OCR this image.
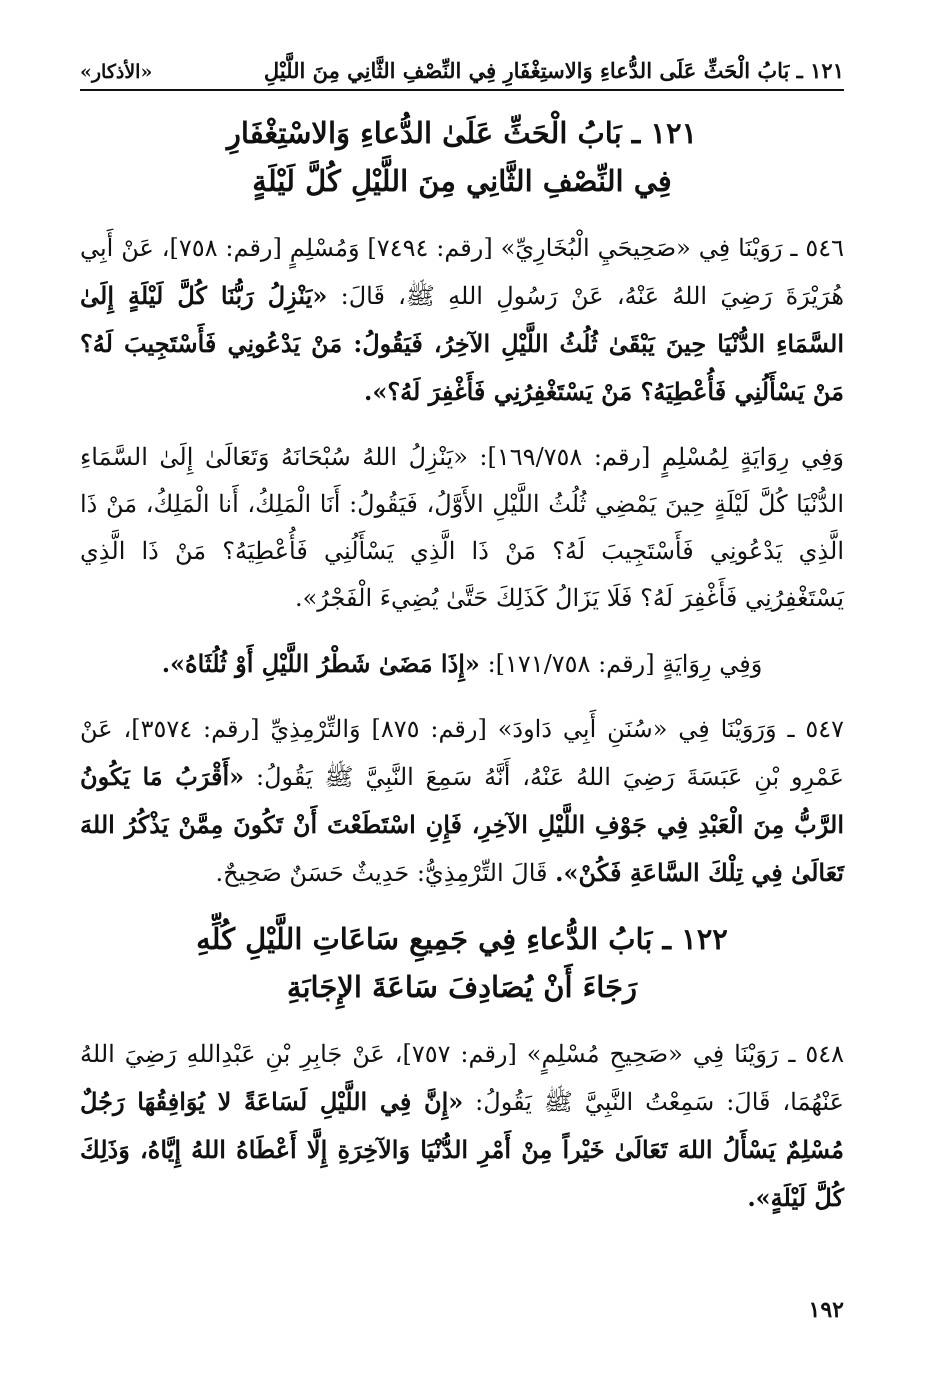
١٢١ ـ بَابُ الْحَثِّ عَلَى الدُّعاءِ وَالاستِغْفَارِ فِي النِّصْفِ الثَّانِي مِنَ اللَّيْلِ
«الأذكار»
١٢١ ـ بَابُ الْحَثِّ عَلَىٰ الدُّعاءِ وَالاسْتِغْفَارِ
فِي النِّصْفِ الثَّانِي مِنَ اللَّيْلِ كُلَّ لَيْلَةٍ

٥٤٦ ـ رَوَيْنَا فِي «صَحِيحَيِ الْبُخَارِيِّ» [رقم: ٧٤٩٤] وَمُسْلِمٍ [رقم: ٧٥٨]، عَنْ أَبِي هُرَيْرَةَ رَضِيَ اللهُ عَنْهُ، عَنْ رَسُولِ اللهِ ﷺ، قَالَ: «يَنْزِلُ رَبُّنَا كُلَّ لَيْلَةٍ إِلَىٰ السَّمَاءِ الدُّنْيَا حِينَ يَبْقَىٰ ثُلُثُ اللَّيْلِ الآخِرُ، فَيَقُولُ: مَنْ يَدْعُونِي فَأَسْتَجِيبَ لَهُ؟ مَنْ يَسْأَلُنِي فَأُعْطِيَهُ؟ مَنْ يَسْتَغْفِرُنِي فَأَغْفِرَ لَهُ؟».

وَفِي رِوَايَةٍ لِمُسْلِمٍ [رقم: ١٦٩/٧٥٨]: «يَنْزِلُ اللهُ سُبْحَانَهُ وَتَعَالَىٰ إِلَىٰ السَّمَاءِ الدُّنْيَا كُلَّ لَيْلَةٍ حِينَ يَمْضِي ثُلُثُ اللَّيْلِ الأَوَّلُ، فَيَقُولُ: أَنَا الْمَلِكُ، أَنا الْمَلِكُ، مَنْ ذَا الَّذِي يَدْعُونِي فَأَسْتَجِيبَ لَهُ؟ مَنْ ذَا الَّذِي يَسْأَلُنِي فَأُعْطِيَهُ؟ مَنْ ذَا الَّذِي يَسْتَغْفِرُنِي فَأَغْفِرَ لَهُ؟ فَلَا يَزَالُ كَذَلِكَ حَتَّىٰ يُضِيءَ الْفَجْرُ».

وَفِي رِوَايَةٍ [رقم: ١٧١/٧٥٨]: «إِذَا مَضَىٰ شَطْرُ اللَّيْلِ أَوْ ثُلُثَاهُ».

٥٤٧ ـ وَرَوَيْنَا فِي «سُنَنِ أَبِي دَاودَ» [رقم: ٨٧٥] وَالتِّرْمِذِيِّ [رقم: ٣٥٧٤]، عَنْ عَمْرِو بْنِ عَبَسَةَ رَضِيَ اللهُ عَنْهُ، أَنَّهُ سَمِعَ النَّبِيَّ ﷺ يَقُولُ: «أَقْرَبُ مَا يَكُونُ الرَّبُّ مِنَ الْعَبْدِ فِي جَوْفِ اللَّيْلِ الآخِرِ، فَإِنِ اسْتَطَعْتَ أَنْ تَكُونَ مِمَّنْ يَذْكُرُ اللهَ تَعَالَىٰ فِي تِلْكَ السَّاعَةِ فَكُنْ». قَالَ التِّرْمِذِيُّ: حَدِيثٌ حَسَنٌ صَحِيحٌ.

١٢٢ ـ بَابُ الدُّعاءِ فِي جَمِيعِ سَاعَاتِ اللَّيْلِ كُلِّهِ
رَجَاءَ أَنْ يُصَادِفَ سَاعَةَ الإِجَابَةِ

٥٤٨ ـ رَوَيْنَا فِي «صَحِيحِ مُسْلِمٍ» [رقم: ٧٥٧]، عَنْ جَابِرِ بْنِ عَبْدِاللهِ رَضِيَ اللهُ عَنْهُمَا، قَالَ: سَمِعْتُ النَّبِيَّ ﷺ يَقُولُ: «إِنَّ فِي اللَّيْلِ لَسَاعَةً لا يُوَافِقُهَا رَجُلٌ مُسْلِمٌ يَسْأَلُ اللهَ تَعَالَىٰ خَيْراً مِنْ أَمْرِ الدُّنْيَا وَالآخِرَةِ إِلَّا أَعْطَاهُ اللهُ إِيَّاهُ، وَذَلِكَ كُلَّ لَيْلَةٍ».

١٩٢
